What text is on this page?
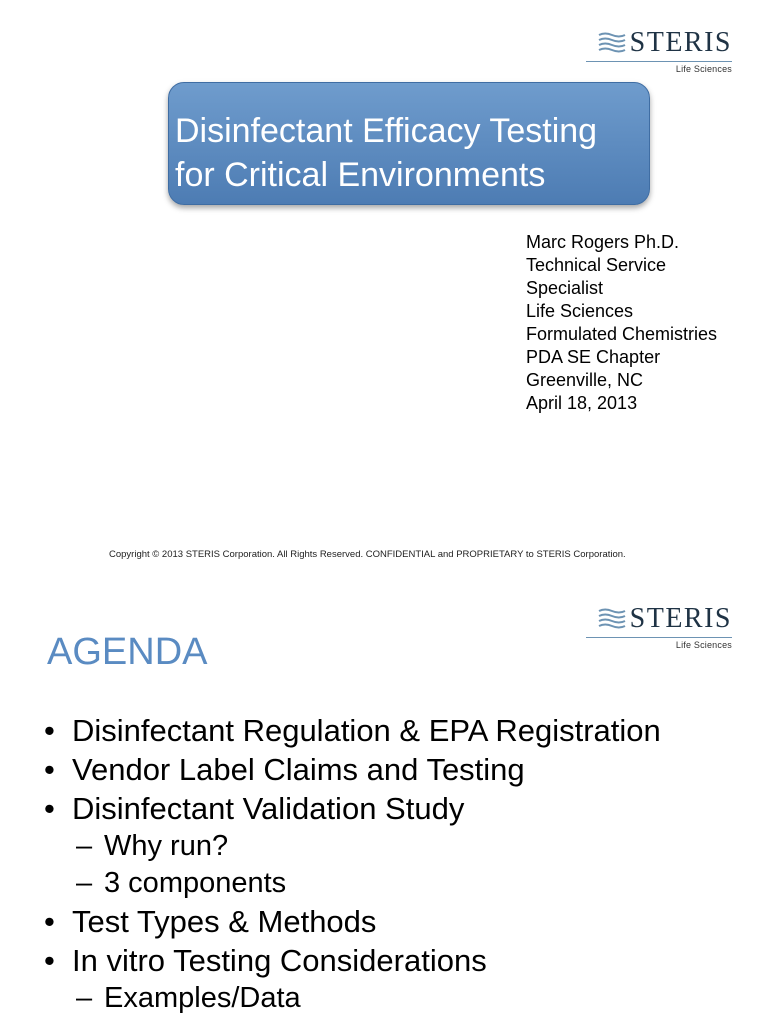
STERIS
Life Sciences
Disinfectant Efficacy Testing
for Critical Environments
Marc Rogers Ph.D.
Technical Service
Specialist
Life Sciences
Formulated Chemistries
PDA SE Chapter
Greenville, NC
April 18, 2013
Copyright © 2013 STERIS Corporation. All Rights Reserved. CONFIDENTIAL and PROPRIETARY to STERIS Corporation.
STERIS
Life Sciences
AGENDA
• Disinfectant Regulation & EPA Registration
• Vendor Label Claims and Testing
• Disinfectant Validation Study
– Why run?
– 3 components
• Test Types & Methods
• In vitro Testing Considerations
– Examples/Data
